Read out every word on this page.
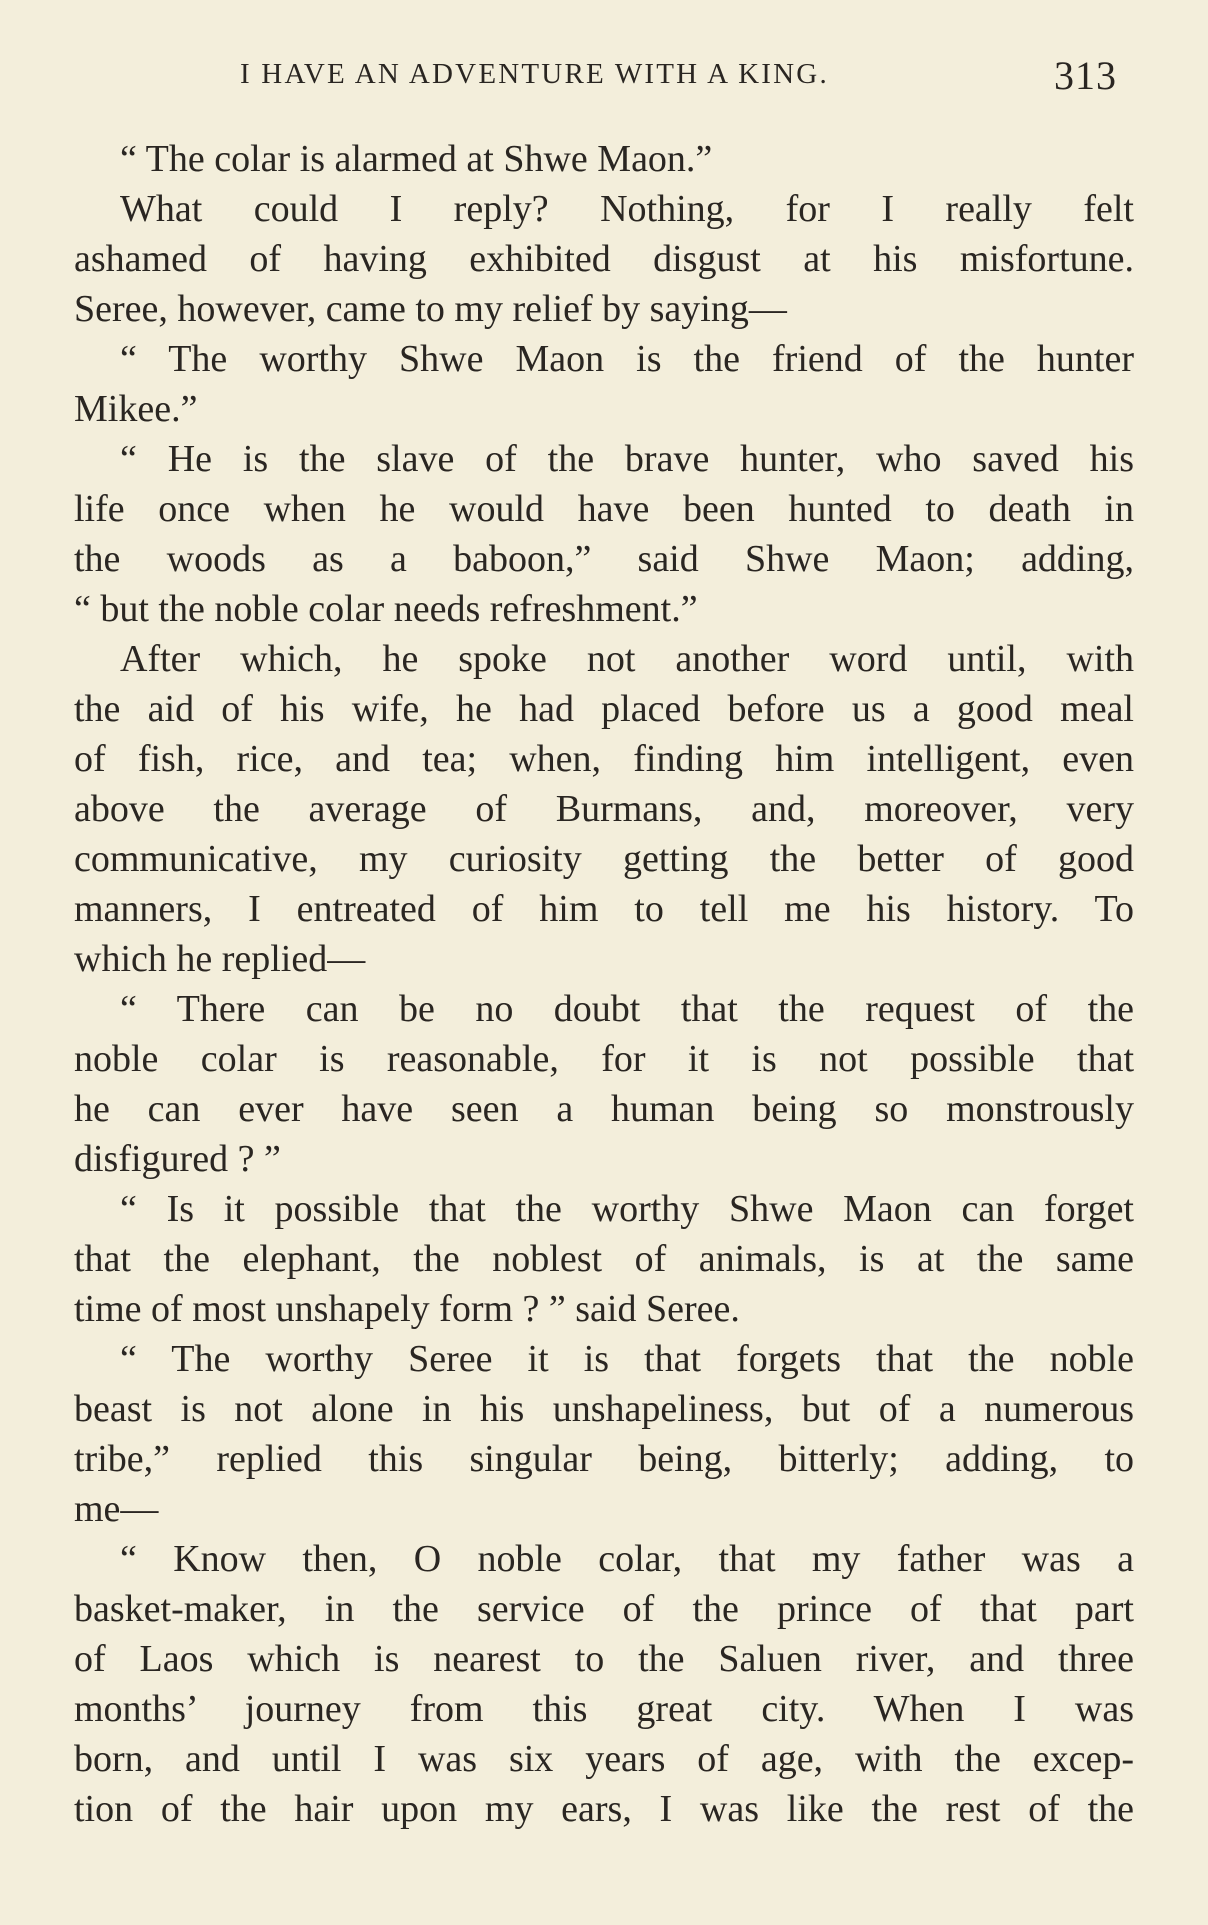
I HAVE AN ADVENTURE WITH A KING.	313
“ The colar is alarmed at Shwe Maon.”
What could I reply? Nothing, for I really felt
ashamed of having exhibited disgust at his misfortune.
Seree, however, came to my relief by saying—
“ The worthy Shwe Maon is the friend of the hunter
Mikee.”
“ He is the slave of the brave hunter, who saved his
life once when he would have been hunted to death in
the woods as a baboon,” said Shwe Maon; adding,
“ but the noble colar needs refreshment.”
After which, he spoke not another word until, with
the aid of his wife, he had placed before us a good meal
of fish, rice, and tea; when, finding him intelligent, even
above the average of Burmans, and, moreover, very
communicative, my curiosity getting the better of good
manners, I entreated of him to tell me his history. To
which he replied—
“ There can be no doubt that the request of the
noble colar is reasonable, for it is not possible that
he can ever have seen a human being so monstrously
disfigured ? ”
“ Is it possible that the worthy Shwe Maon can forget
that the elephant, the noblest of animals, is at the same
time of most unshapely form ? ” said Seree.
“ The worthy Seree it is that forgets that the noble
beast is not alone in his unshapeliness, but of a numerous
tribe,” replied this singular being, bitterly; adding, to
me—
“ Know then, O noble colar, that my father was a
basket-maker, in the service of the prince of that part
of Laos which is nearest to the Saluen river, and three
months’ journey from this great city. When I was
born, and until I was six years of age, with the excep-
tion of the hair upon my ears, I was like the rest of the
